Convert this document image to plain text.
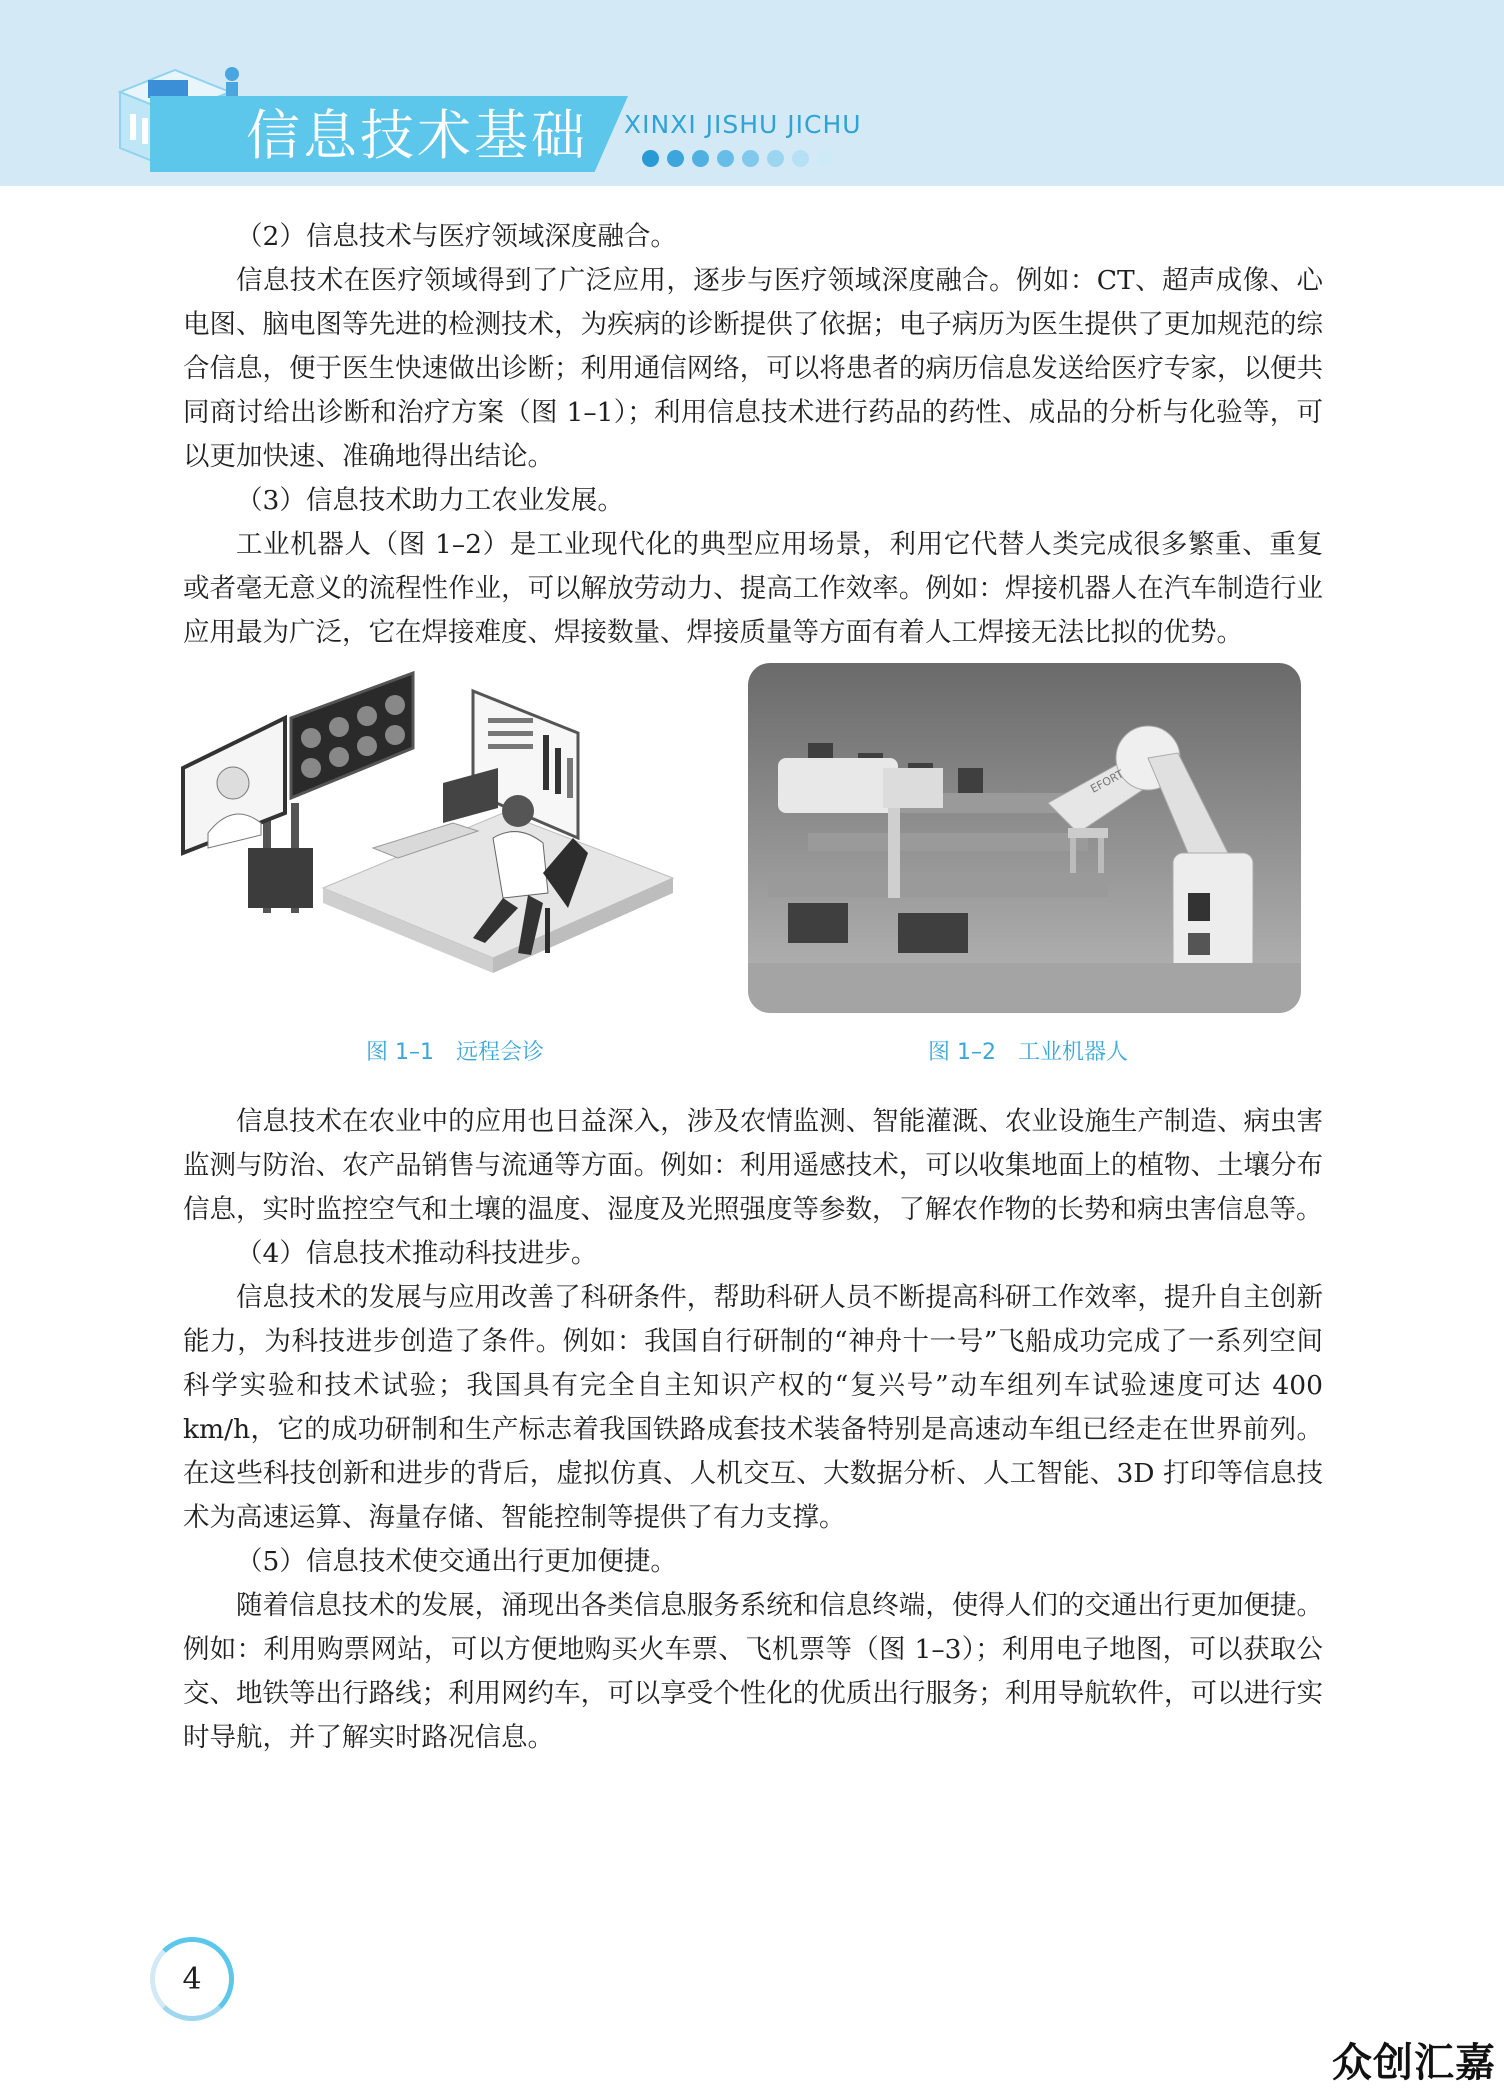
信息技术基础 XINXI JISHU JICHU

（2）信息技术与医疗领域深度融合。

信息技术在医疗领域得到了广泛应用，逐步与医疗领域深度融合。例如：CT、超声成像、心电图、脑电图等先进的检测技术，为疾病的诊断提供了依据；电子病历为医生提供了更加规范的综合信息，便于医生快速做出诊断；利用通信网络，可以将患者的病历信息发送给医疗专家，以便共同商讨给出诊断和治疗方案（图 1–1）；利用信息技术进行药品的药性、成品的分析与化验等，可以更加快速、准确地得出结论。

（3）信息技术助力工农业发展。

工业机器人（图 1–2）是工业现代化的典型应用场景，利用它代替人类完成很多繁重、重复或者毫无意义的流程性作业，可以解放劳动力、提高工作效率。例如：焊接机器人在汽车制造行业应用最为广泛，它在焊接难度、焊接数量、焊接质量等方面有着人工焊接无法比拟的优势。

EFORT
图 1–1　远程会诊	图 1–2　工业机器人

信息技术在农业中的应用也日益深入，涉及农情监测、智能灌溉、农业设施生产制造、病虫害监测与防治、农产品销售与流通等方面。例如：利用遥感技术，可以收集地面上的植物、土壤分布信息，实时监控空气和土壤的温度、湿度及光照强度等参数，了解农作物的长势和病虫害信息等。

（4）信息技术推动科技进步。

信息技术的发展与应用改善了科研条件，帮助科研人员不断提高科研工作效率，提升自主创新能力，为科技进步创造了条件。例如：我国自行研制的“神舟十一号”飞船成功完成了一系列空间科学实验和技术试验；我国具有完全自主知识产权的“复兴号”动车组列车试验速度可达 400 km/h，它的成功研制和生产标志着我国铁路成套技术装备特别是高速动车组已经走在世界前列。在这些科技创新和进步的背后，虚拟仿真、人机交互、大数据分析、人工智能、3D 打印等信息技术为高速运算、海量存储、智能控制等提供了有力支撑。

（5）信息技术使交通出行更加便捷。

随着信息技术的发展，涌现出各类信息服务系统和信息终端，使得人们的交通出行更加便捷。例如：利用购票网站，可以方便地购买火车票、飞机票等（图 1–3）；利用电子地图，可以获取公交、地铁等出行路线；利用网约车，可以享受个性化的优质出行服务；利用导航软件，可以进行实时导航，并了解实时路况信息。

4
众创汇嘉
